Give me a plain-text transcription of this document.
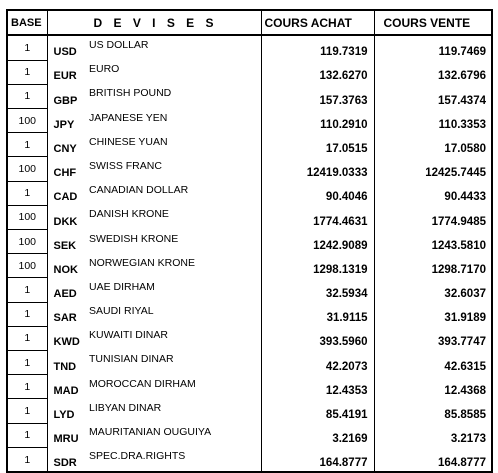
BASE	D E V I S E S		COURS ACHAT	COURS VENTE
1	USD	US DOLLAR	119.7319	119.7469
1	EUR	EURO	132.6270	132.6796
1	GBP	BRITISH POUND	157.3763	157.4374
100	JPY	JAPANESE YEN	110.2910	110.3353
1	CNY	CHINESE YUAN	17.0515	17.0580
100	CHF	SWISS FRANC	12419.0333	12425.7445
1	CAD	CANADIAN DOLLAR	90.4046	90.4433
100	DKK	DANISH KRONE	1774.4631	1774.9485
100	SEK	SWEDISH KRONE	1242.9089	1243.5810
100	NOK	NORWEGIAN KRONE	1298.1319	1298.7170
1	AED	UAE DIRHAM	32.5934	32.6037
1	SAR	SAUDI RIYAL	31.9115	31.9189
1	KWD	KUWAITI DINAR	393.5960	393.7747
1	TND	TUNISIAN DINAR	42.2073	42.6315
1	MAD	MOROCCAN DIRHAM	12.4353	12.4368
1	LYD	LIBYAN DINAR	85.4191	85.8585
1	MRU	MAURITANIAN OUGUIYA	3.2169	3.2173
1	SDR	SPEC.DRA.RIGHTS	164.8777	164.8777
